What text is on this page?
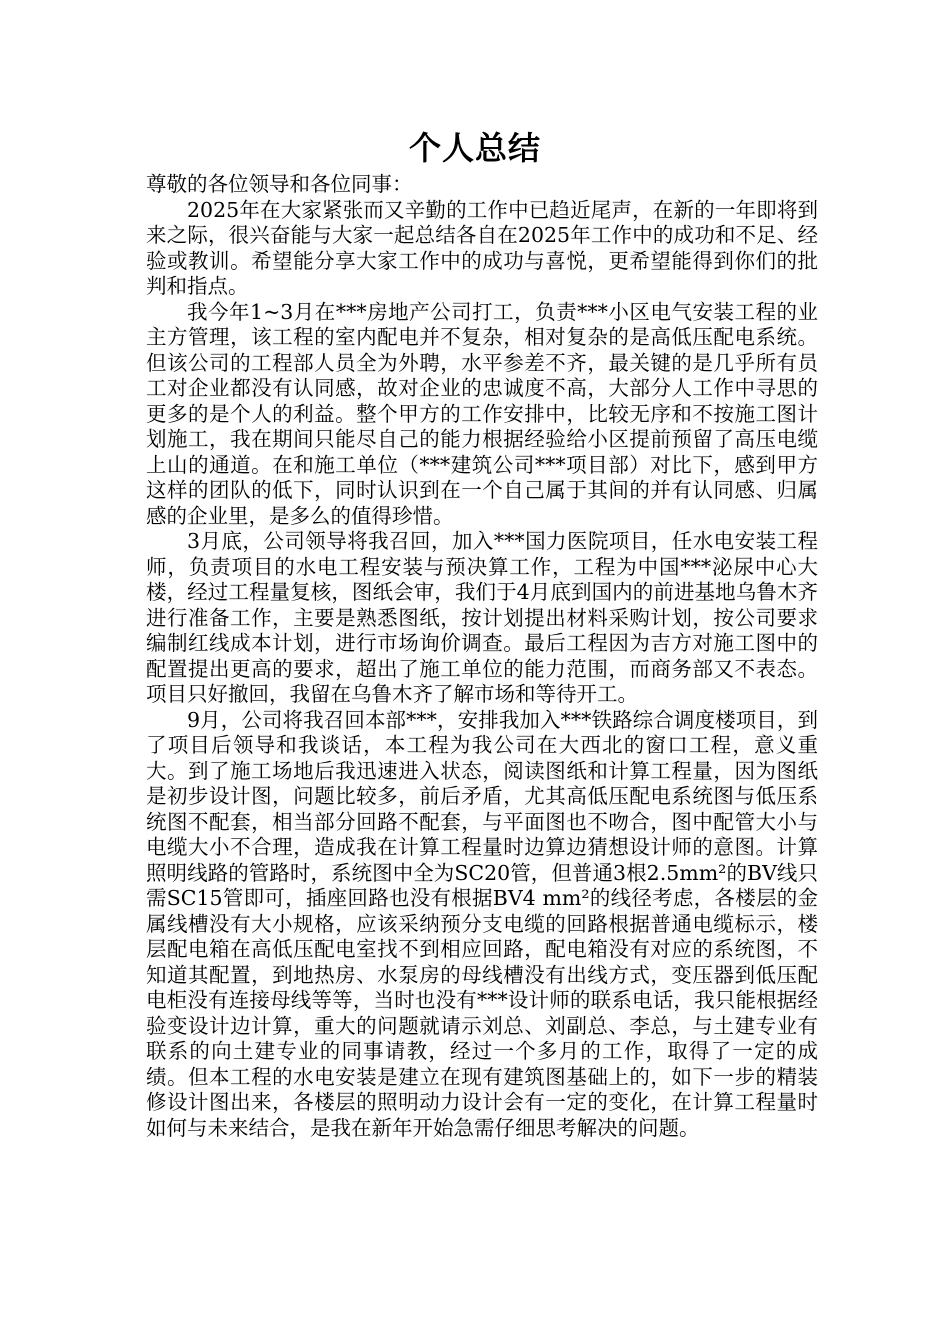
个人总结

尊敬的各位领导和各位同事：

2025年在大家紧张而又辛勤的工作中已趋近尾声，在新的一年即将到来之际，很兴奋能与大家一起总结各自在2025年工作中的成功和不足、经验或教训。希望能分享大家工作中的成功与喜悦，更希望能得到你们的批判和指点。

我今年1~3月在***房地产公司打工，负责***小区电气安装工程的业主方管理，该工程的室内配电并不复杂，相对复杂的是高低压配电系统。但该公司的工程部人员全为外聘，水平参差不齐，最关键的是几乎所有员工对企业都没有认同感，故对企业的忠诚度不高，大部分人工作中寻思的更多的是个人的利益。整个甲方的工作安排中，比较无序和不按施工图计划施工，我在期间只能尽自己的能力根据经验给小区提前预留了高压电缆上山的通道。在和施工单位（***建筑公司***项目部）对比下，感到甲方这样的团队的低下，同时认识到在一个自己属于其间的并有认同感、归属感的企业里，是多么的值得珍惜。

3月底，公司领导将我召回，加入***国力医院项目，任水电安装工程师，负责项目的水电工程安装与预决算工作，工程为中国***泌尿中心大楼，经过工程量复核，图纸会审，我们于4月底到国内的前进基地乌鲁木齐进行准备工作，主要是熟悉图纸，按计划提出材料采购计划，按公司要求编制红线成本计划，进行市场询价调查。最后工程因为吉方对施工图中的配置提出更高的要求，超出了施工单位的能力范围，而商务部又不表态。项目只好撤回，我留在乌鲁木齐了解市场和等待开工。

9月，公司将我召回本部***，安排我加入***铁路综合调度楼项目，到了项目后领导和我谈话，本工程为我公司在大西北的窗口工程，意义重大。到了施工场地后我迅速进入状态，阅读图纸和计算工程量，因为图纸是初步设计图，问题比较多，前后矛盾，尤其高低压配电系统图与低压系统图不配套，相当部分回路不配套，与平面图也不吻合，图中配管大小与电缆大小不合理，造成我在计算工程量时边算边猜想设计师的意图。计算照明线路的管路时，系统图中全为SC20管，但普通3根2.5mm²的BV线只需SC15管即可，插座回路也没有根据BV4 mm²的线径考虑，各楼层的金属线槽没有大小规格，应该采纳预分支电缆的回路根据普通电缆标示，楼层配电箱在高低压配电室找不到相应回路，配电箱没有对应的系统图，不知道其配置，到地热房、水泵房的母线槽没有出线方式，变压器到低压配电柜没有连接母线等等，当时也没有***设计师的联系电话，我只能根据经验变设计边计算，重大的问题就请示刘总、刘副总、李总，与土建专业有联系的向土建专业的同事请教，经过一个多月的工作，取得了一定的成绩。但本工程的水电安装是建立在现有建筑图基础上的，如下一步的精装修设计图出来，各楼层的照明动力设计会有一定的变化，在计算工程量时如何与未来结合，是我在新年开始急需仔细思考解决的问题。
